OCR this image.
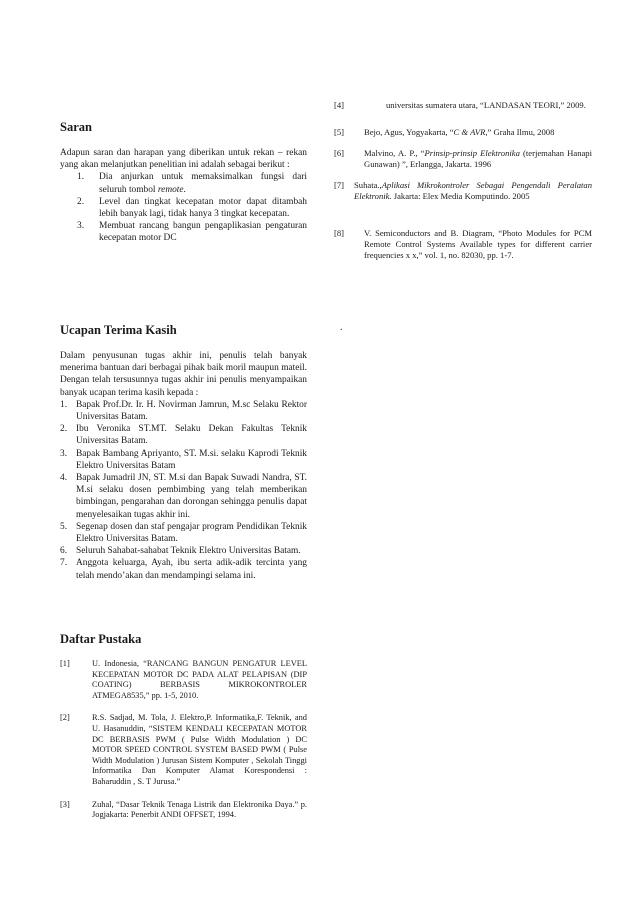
Saran

Adapun saran dan harapan yang diberikan untuk rekan – rekan yang akan melanjutkan penelitian ini adalah sebagai berikut :

1.	Dia anjurkan untuk memaksimalkan fungsi dari seluruh tombol remote.
2.	Level dan tingkat kecepatan motor dapat ditambah lebih banyak lagi, tidak hanya 3 tingkat kecepatan.
3.	Membuat rancang bangun pengaplikasian pengaturan kecepatan motor DC
Ucapan Terima Kasih

Dalam penyusunan tugas akhir ini, penulis telah banyak menerima bantuan dari berbagai pihak baik moril maupun mateil. Dengan telah tersusunnya tugas akhir ini penulis menyampaikan banyak ucapan terima kasih kepada :

1. Bapak Prof.Dr. Ir. H. Novirman Jamrun, M.sc Selaku Rektor Universitas Batam.
2. Ibu Veronika ST.MT. Selaku Dekan Fakultas Teknik Universitas Batam.
3. Bapak Bambang Apriyanto, ST. M.si. selaku Kaprodi Teknik Elektro Universitas Batam
4. Bapak Jumadril JN, ST. M.si dan Bapak Suwadi Nandra, ST. M.si selaku dosen pembimbing yang telah memberikan bimbingan, pengarahan dan dorongan sehingga penulis dapat menyelesaikan tugas akhir ini.
5. Segenap dosen dan staf pengajar program Pendidikan Teknik Elektro Universitas Batam.
6. Seluruh Sahabat-sahabat Teknik Elektro Universitas Batam.
7. Anggota keluarga, Ayah, ibu serta adik-adik tercinta yang telah mendo’akan dan mendampingi selama ini.
Daftar Pustaka
[1]	U. Indonesia, “RANCANG BANGUN PENGATUR LEVEL KECEPATAN MOTOR DC PADA ALAT PELAPISAN (DIP COATING) BERBASIS MIKROKONTROLER ATMEGA8535,” pp. 1-5, 2010.
[2]	R.S. Sadjad, M. Tola, J. Elektro,P. Informatika,F. Teknik, and U. Hasanuddin, “SISTEM KENDALI KECEPATAN MOTOR DC BERBASIS PWM ( Pulse Width Modulation ) DC MOTOR SPEED CONTROL SYSTEM BASED PWM ( Pulse Width Modulation ) Jurusan Sistem Komputer , Sekolah Tinggi Informatika Dan Komputer Alamat Korespondensi : Baharuddin , S. T Jurusa.”
[3]	Zuhal, “Dasar Teknik Tenaga Listrik dan Elektronika Daya.” p. Jogjakarta: Penerbit ANDI OFFSET, 1994.
[4]	universitas sumatera utara, “LANDASAN TEORI,” 2009.
[5]	Bejo, Agus, Yogyakarta, “C & AVR,” Graha Ilmu, 2008
[6]	Malvino, A. P., “Prinsip-prinsip Elektronika (terjemahan Hanapi Gunawan) ”, Erlangga, Jakarta. 1996
[7]	Suhata.,Aplikasi Mikrokontroler Sebagai Pengendali Peralatan Elektronik. Jakarta: Elex Media Komputindo. 2005
[8]	V. Semiconductors and B. Diagram, “Photo Modules for PCM Remote Control Systems Available types for different carrier frequencies x x,” vol. 1, no. 82030, pp. 1-7.
.
